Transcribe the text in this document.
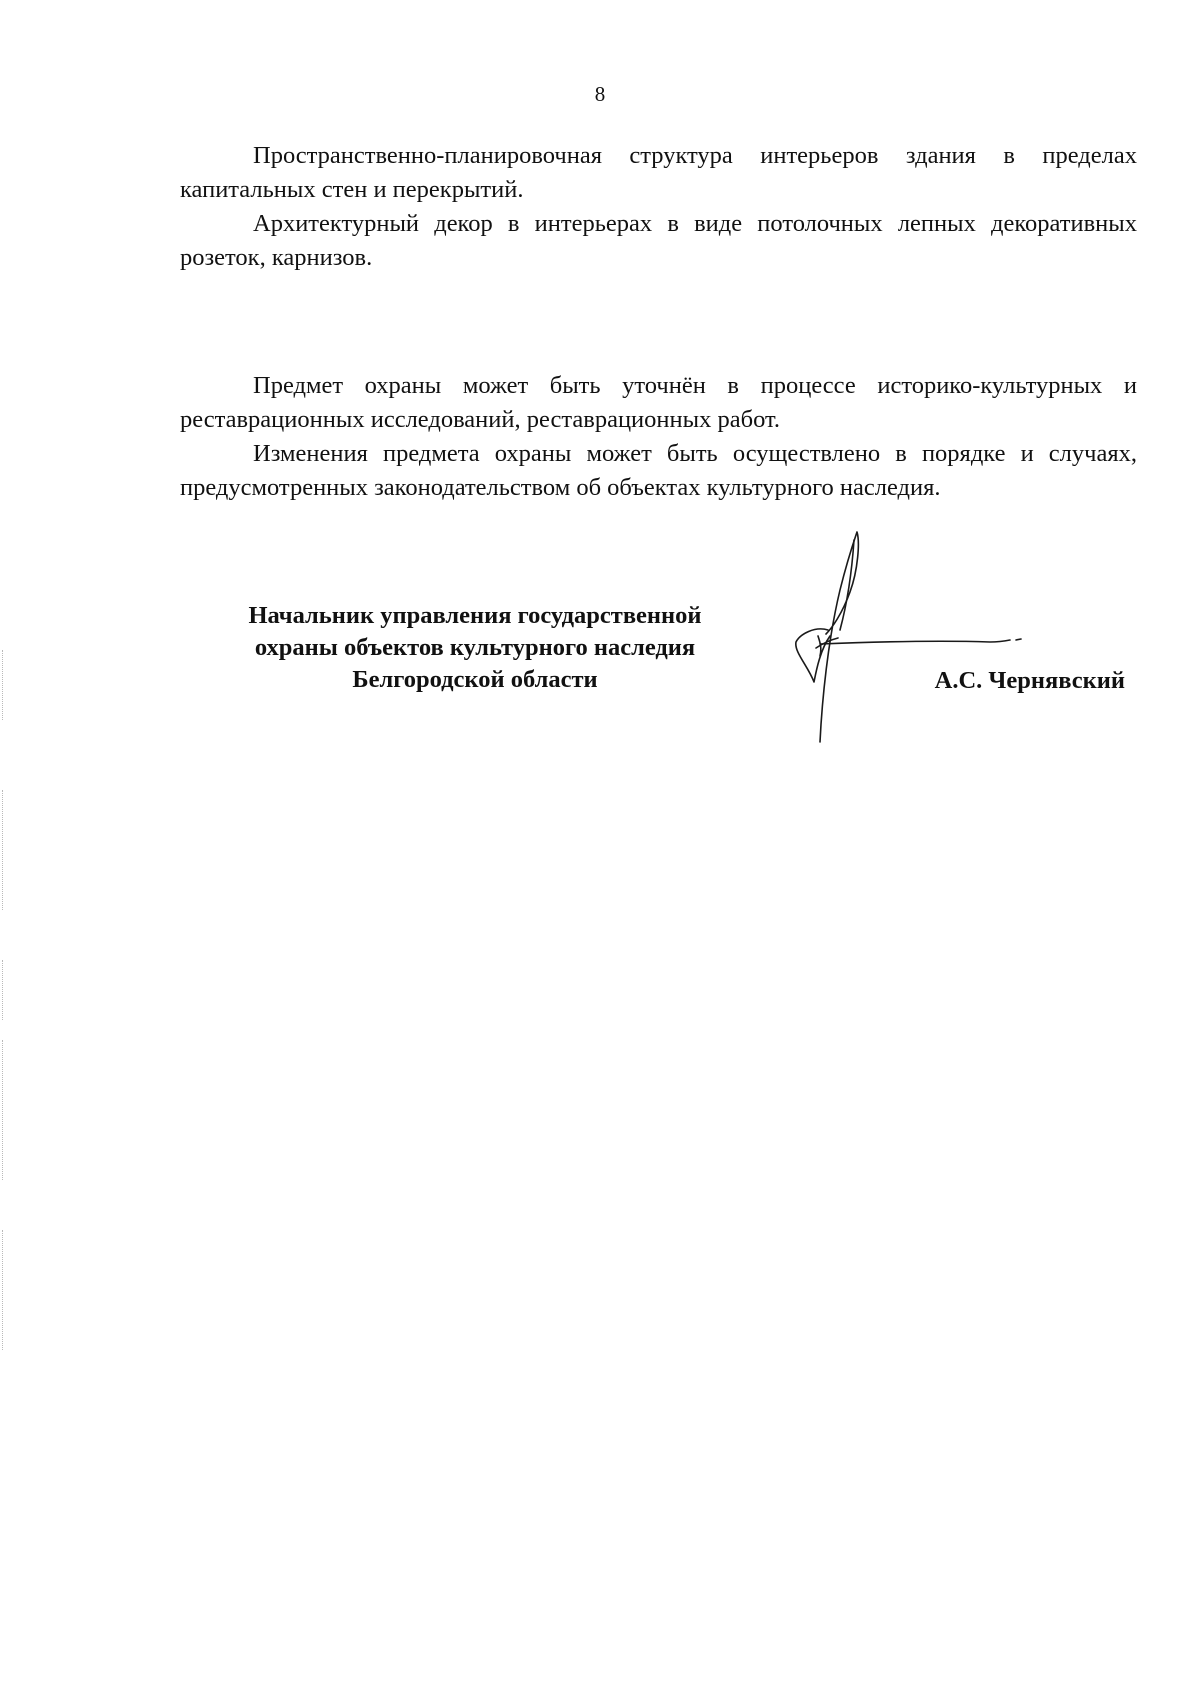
8

Пространственно-планировочная структура интерьеров здания в пределах капитальных стен и перекрытий.

Архитектурный декор в интерьерах в виде потолочных лепных декоративных розеток, карнизов.

Предмет охраны может быть уточнён в процессе историко-культурных и реставрационных исследований, реставрационных работ.

Изменения предмета охраны может быть осуществлено в порядке и случаях, предусмотренных законодательством об объектах культурного наследия.

Начальник управления государственной
охраны объектов культурного наследия
Белгородской области	А.С. Чернявский
